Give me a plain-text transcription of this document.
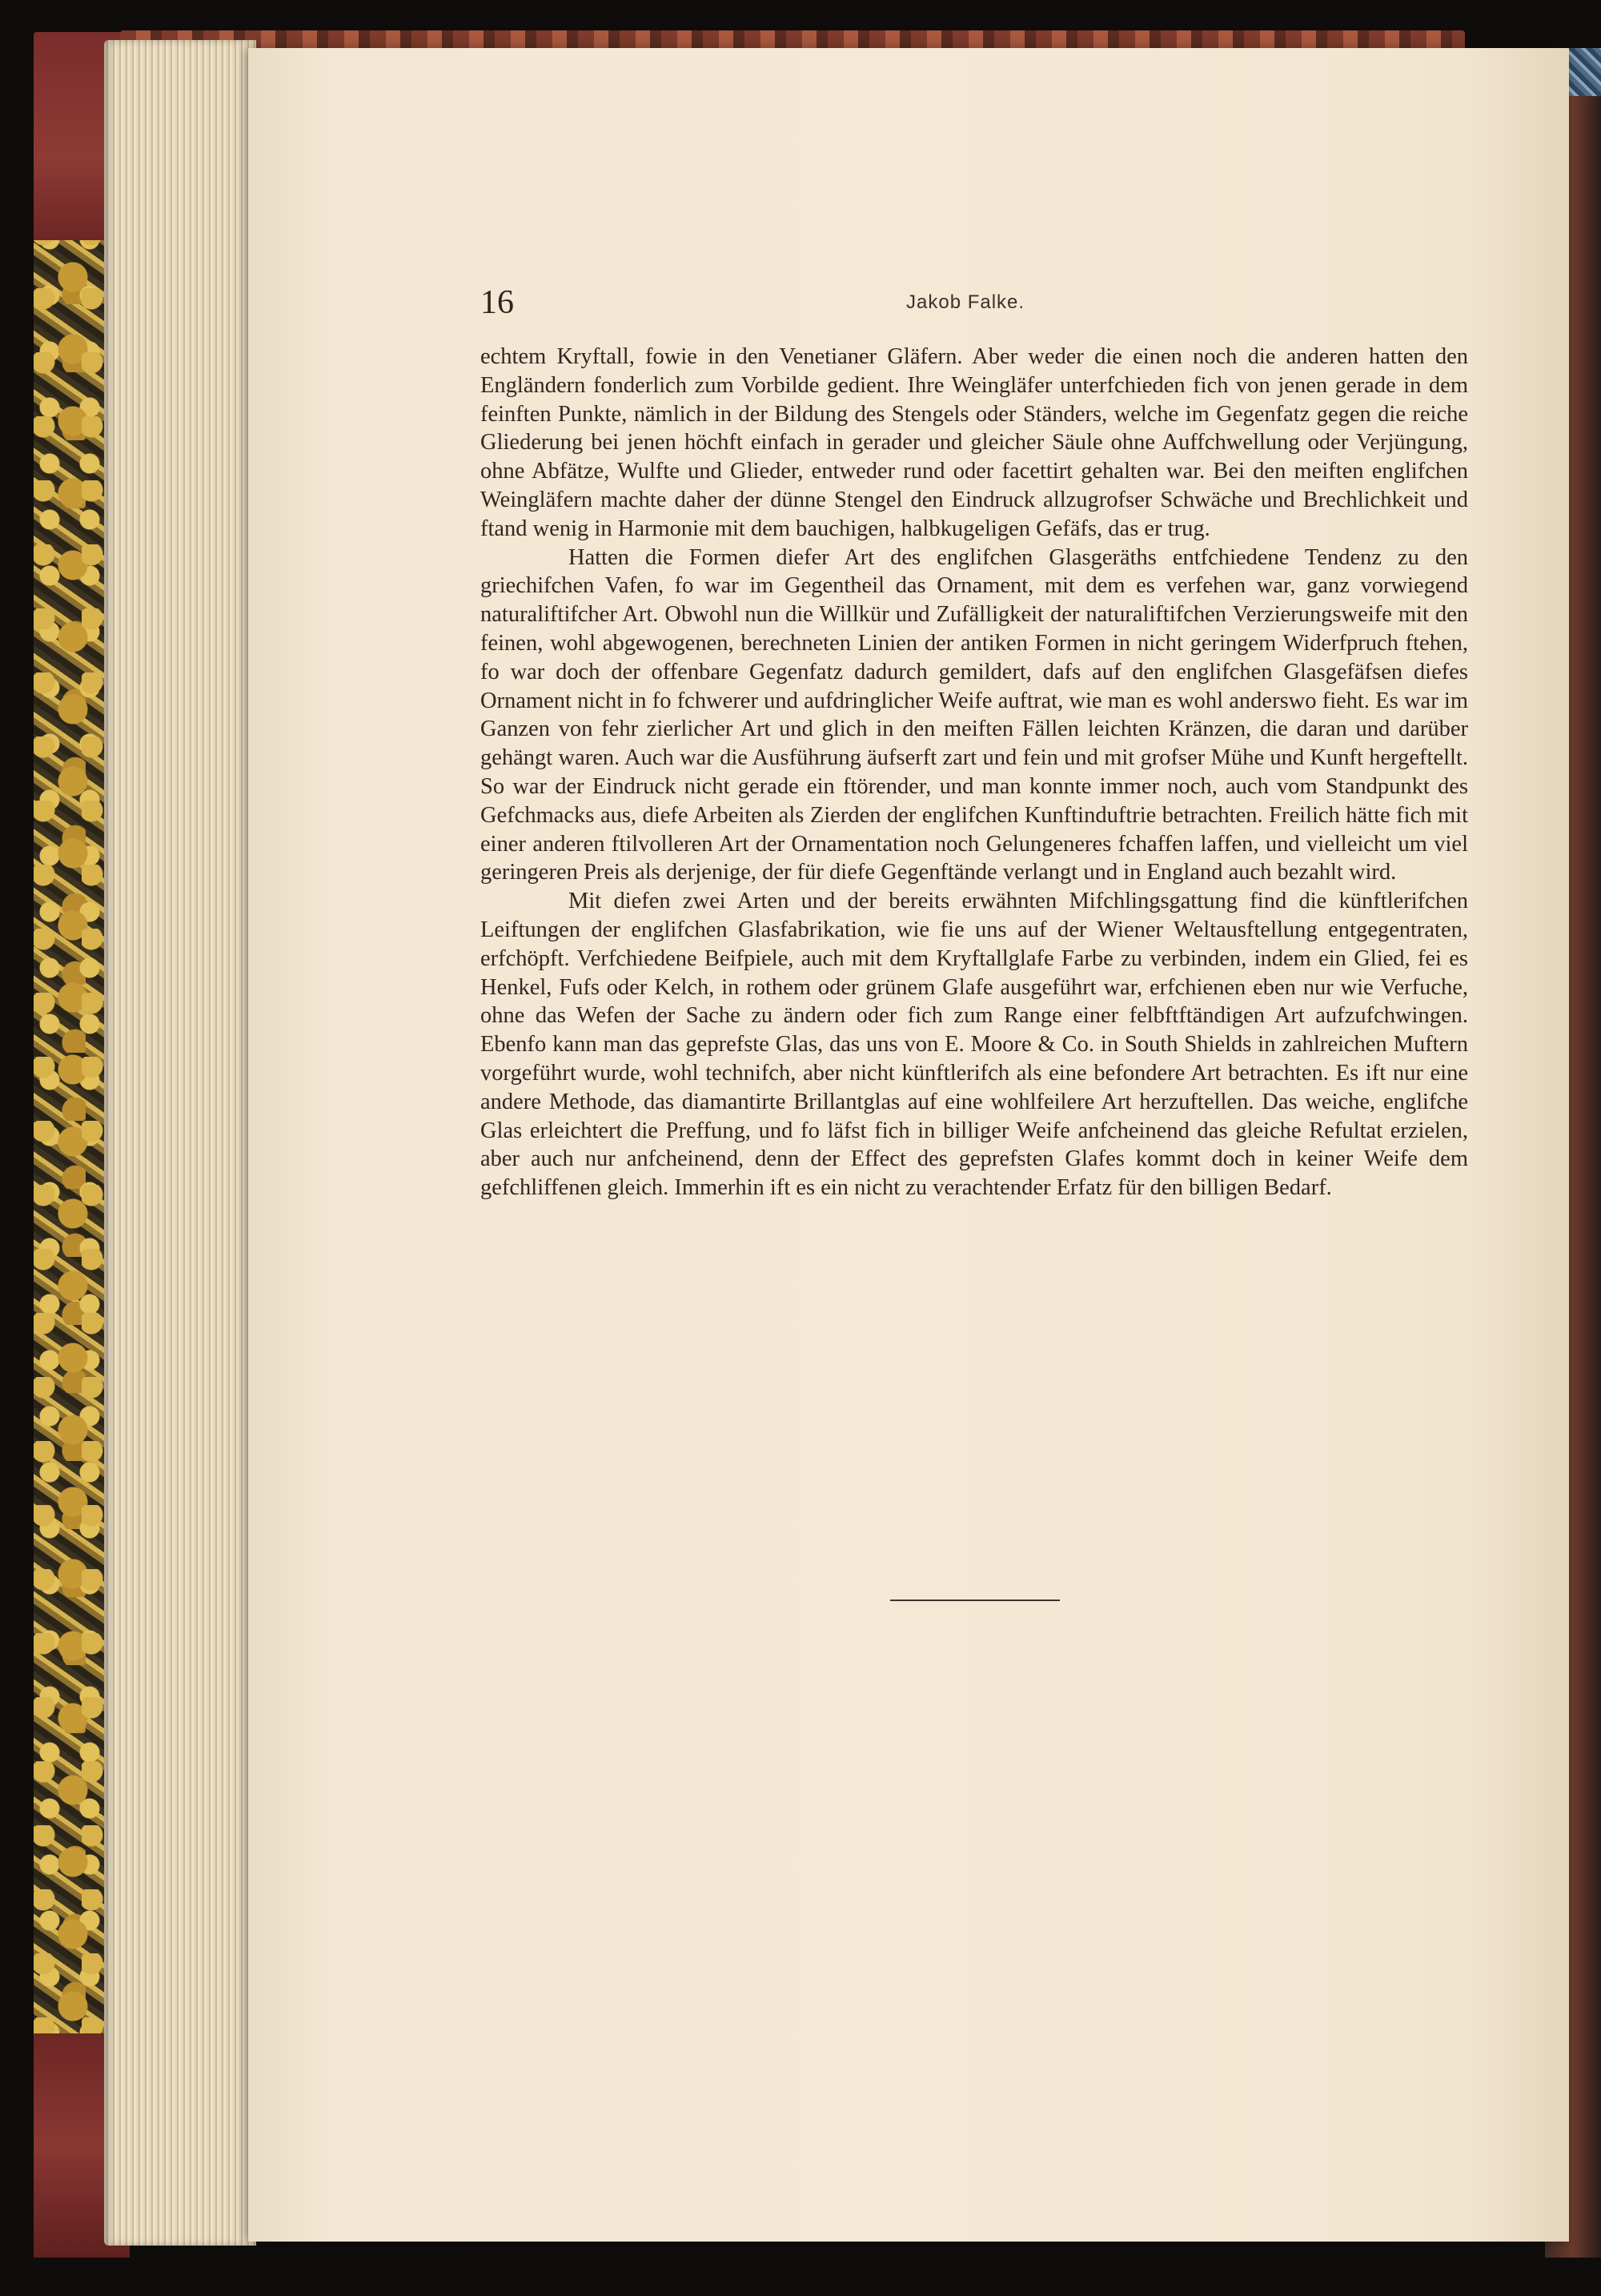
16	Jakob Falke.

echtem Kryftall, fowie in den Venetianer Gläfern. Aber weder die einen noch die anderen hatten den Engländern fonderlich zum Vorbilde gedient. Ihre Weingläfer unterfchieden fich von jenen gerade in dem feinften Punkte, nämlich in der Bildung des Stengels oder Ständers, welche im Gegenfatz gegen die reiche Gliederung bei jenen höchft einfach in gerader und gleicher Säule ohne Auffchwellung oder Verjüngung, ohne Abfätze, Wulfte und Glieder, entweder rund oder facettirt gehalten war. Bei den meiften englifchen Weingläfern machte daher der dünne Stengel den Eindruck allzugrofser Schwäche und Brechlichkeit und ftand wenig in Harmonie mit dem bauchigen, halbkugeligen Gefäfs, das er trug.

Hatten die Formen diefer Art des englifchen Glasgeräths entfchiedene Tendenz zu den griechifchen Vafen, fo war im Gegentheil das Ornament, mit dem es verfehen war, ganz vorwiegend naturaliftifcher Art. Obwohl nun die Willkür und Zufälligkeit der naturaliftifchen Verzierungsweife mit den feinen, wohl abgewogenen, berechneten Linien der antiken Formen in nicht geringem Widerfpruch ftehen, fo war doch der offenbare Gegenfatz dadurch gemildert, dafs auf den englifchen Glasgefäfsen diefes Ornament nicht in fo fchwerer und aufdringlicher Weife auftrat, wie man es wohl anderswo fieht. Es war im Ganzen von fehr zierlicher Art und glich in den meiften Fällen leichten Kränzen, die daran und darüber gehängt waren. Auch war die Ausführung äufserft zart und fein und mit grofser Mühe und Kunft hergeftellt. So war der Eindruck nicht gerade ein ftörender, und man konnte immer noch, auch vom Standpunkt des Gefchmacks aus, diefe Arbeiten als Zierden der englifchen Kunftinduftrie betrachten. Freilich hätte fich mit einer anderen ftilvolleren Art der Ornamentation noch Gelungeneres fchaffen laffen, und vielleicht um viel geringeren Preis als derjenige, der für diefe Gegenftände verlangt und in England auch bezahlt wird.

Mit diefen zwei Arten und der bereits erwähnten Mifchlingsgattung find die künftlerifchen Leiftungen der englifchen Glasfabrikation, wie fie uns auf der Wiener Weltausftellung entgegentraten, erfchöpft. Verfchiedene Beifpiele, auch mit dem Kryftallglafe Farbe zu verbinden, indem ein Glied, fei es Henkel, Fufs oder Kelch, in rothem oder grünem Glafe ausgeführt war, erfchienen eben nur wie Verfuche, ohne das Wefen der Sache zu ändern oder fich zum Range einer felbftftändigen Art aufzufchwingen. Ebenfo kann man das geprefste Glas, das uns von E. Moore & Co. in South Shields in zahlreichen Muftern vorgeführt wurde, wohl technifch, aber nicht künftlerifch als eine befondere Art betrachten. Es ift nur eine andere Methode, das diamantirte Brillantglas auf eine wohlfeilere Art herzuftellen. Das weiche, englifche Glas erleichtert die Preffung, und fo läfst fich in billiger Weife anfcheinend das gleiche Refultat erzielen, aber auch nur anfcheinend, denn der Effect des geprefsten Glafes kommt doch in keiner Weife dem gefchliffenen gleich. Immerhin ift es ein nicht zu verachtender Erfatz für den billigen Bedarf.
